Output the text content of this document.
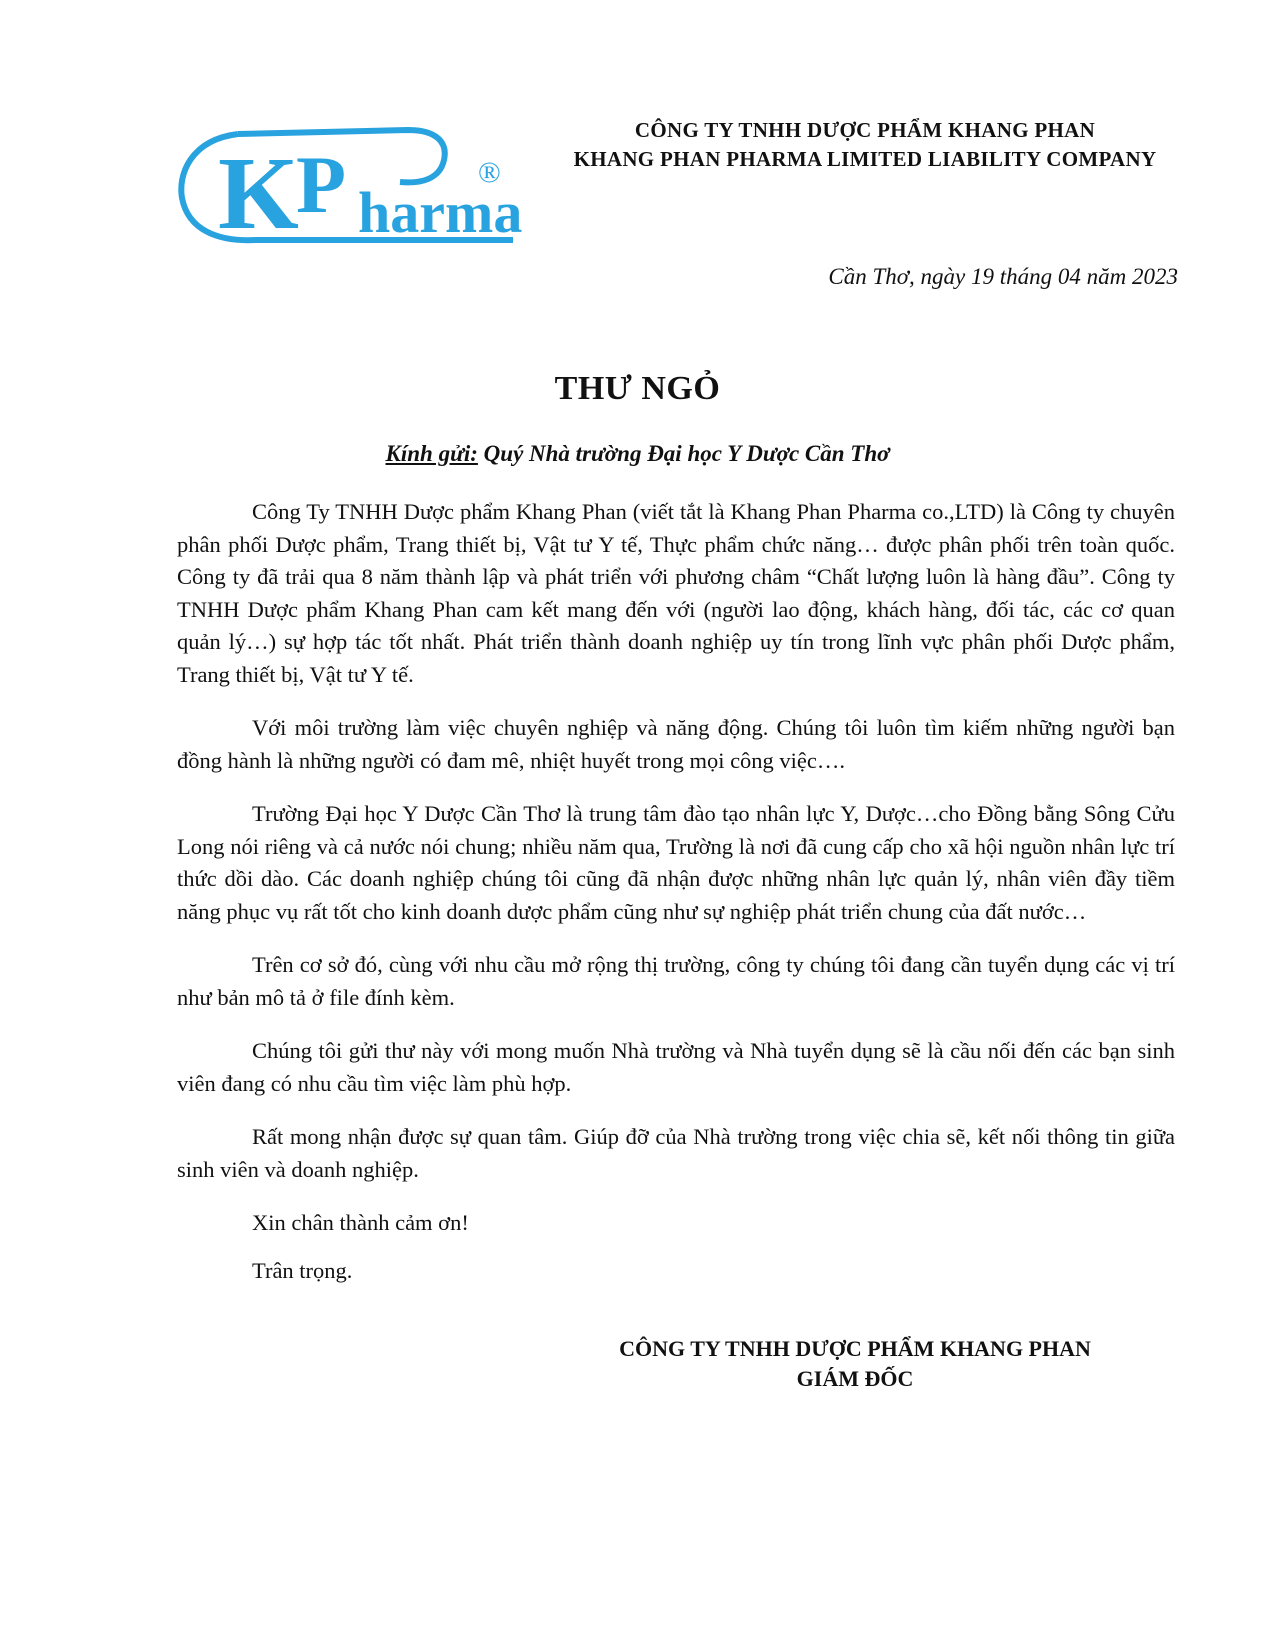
K
P harma
®
CÔNG TY TNHH DƯỢC PHẨM KHANG PHAN
KHANG PHAN PHARMA LIMITED LIABILITY COMPANY
Cần Thơ, ngày 19 tháng 04 năm 2023
THƯ NGỎ
Kính gửi: Quý Nhà trường Đại học Y Dược Cần Thơ

Công Ty TNHH Dược phẩm Khang Phan (viết tắt là Khang Phan Pharma co.,LTD) là Công ty chuyên phân phối Dược phẩm, Trang thiết bị, Vật tư Y tế, Thực phẩm chức năng… được phân phối trên toàn quốc. Công ty đã trải qua 8 năm thành lập và phát triển với phương châm “Chất lượng luôn là hàng đầu”. Công ty TNHH Dược phẩm Khang Phan cam kết mang đến với (người lao động, khách hàng, đối tác, các cơ quan quản lý…) sự hợp tác tốt nhất. Phát triển thành doanh nghiệp uy tín trong lĩnh vực phân phối Dược phẩm, Trang thiết bị, Vật tư Y tế.

Với môi trường làm việc chuyên nghiệp và năng động. Chúng tôi luôn tìm kiếm những người bạn đồng hành là những người có đam mê, nhiệt huyết trong mọi công việc….

Trường Đại học Y Dược Cần Thơ là trung tâm đào tạo nhân lực Y, Dược…cho Đồng bằng Sông Cửu Long nói riêng và cả nước nói chung; nhiều năm qua, Trường là nơi đã cung cấp cho xã hội nguồn nhân lực trí thức dồi dào. Các doanh nghiệp chúng tôi cũng đã nhận được những nhân lực quản lý, nhân viên đầy tiềm năng phục vụ rất tốt cho kinh doanh dược phẩm cũng như sự nghiệp phát triển chung của đất nước…

Trên cơ sở đó, cùng với nhu cầu mở rộng thị trường, công ty chúng tôi đang cần tuyển dụng các vị trí như bản mô tả ở file đính kèm.

Chúng tôi gửi thư này với mong muốn Nhà trường và Nhà tuyển dụng sẽ là cầu nối đến các bạn sinh viên đang có nhu cầu tìm việc làm phù hợp.

Rất mong nhận được sự quan tâm. Giúp đỡ của Nhà trường trong việc chia sẽ, kết nối thông tin giữa sinh viên và doanh nghiệp.

Xin chân thành cảm ơn!

Trân trọng.

CÔNG TY TNHH DƯỢC PHẨM KHANG PHAN
GIÁM ĐỐC
